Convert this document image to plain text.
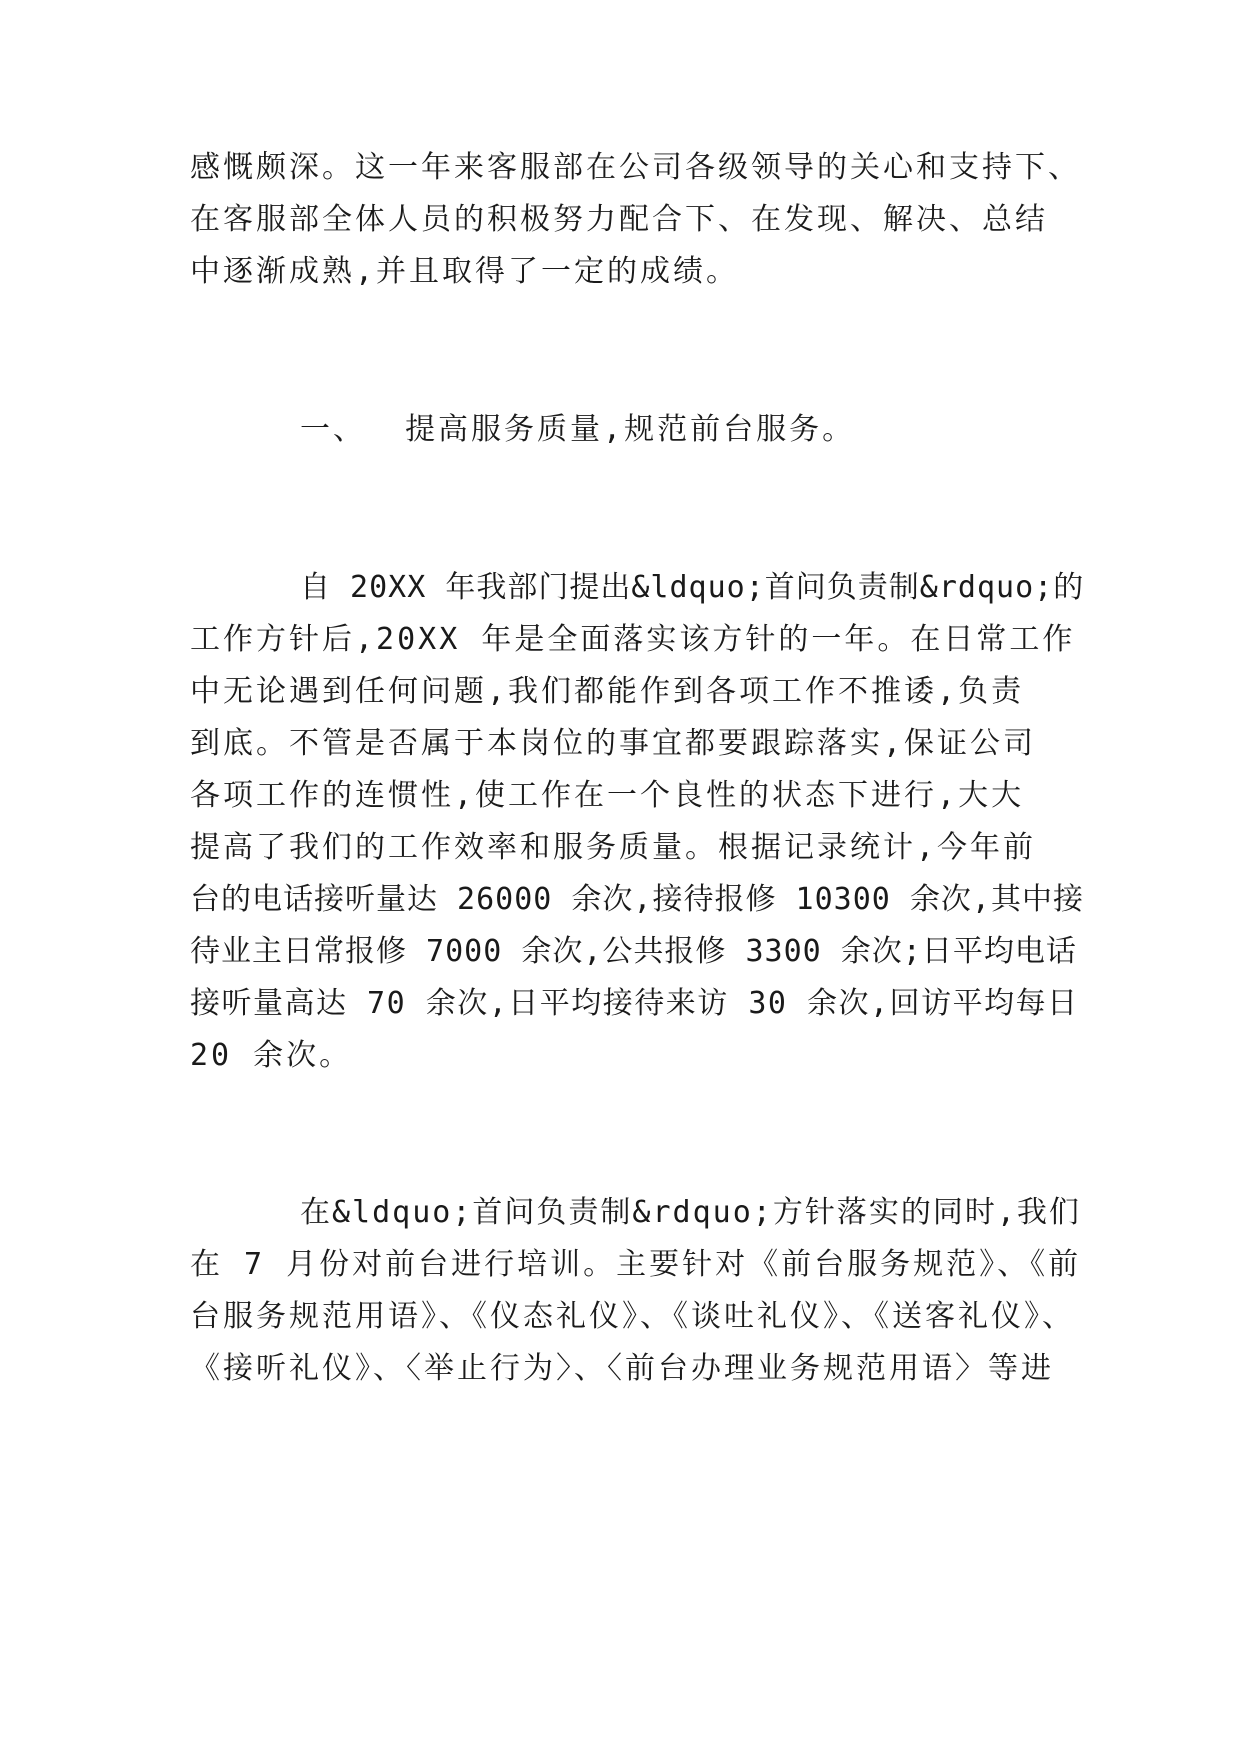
感慨颇深。这一年来客服部在公司各级领导的关心和支持下、
在客服部全体人员的积极努力配合下、在发现、解决、总结
中逐渐成熟,并且取得了一定的成绩。
一、 提高服务质量,规范前台服务。
自 20XX 年我部门提出&ldquo;首问负责制&rdquo;的
工作方针后,20XX 年是全面落实该方针的一年。在日常工作
中无论遇到任何问题,我们都能作到各项工作不推诿,负责
到底。不管是否属于本岗位的事宜都要跟踪落实,保证公司
各项工作的连惯性,使工作在一个良性的状态下进行,大大
提高了我们的工作效率和服务质量。根据记录统计,今年前
台的电话接听量达 26000 余次,接待报修 10300 余次,其中接
待业主日常报修 7000 余次,公共报修 3300 余次;日平均电话
接听量高达 70 余次,日平均接待来访 30 余次,回访平均每日
20 余次。
在&ldquo;首问负责制&rdquo;方针落实的同时,我们
在 7 月份对前台进行培训。主要针对《前台服务规范》、《前
台服务规范用语》、《仪态礼仪》、《谈吐礼仪》、《送客礼仪》、
《接听礼仪》、〈举止行为〉、〈前台办理业务规范用语〉等进
